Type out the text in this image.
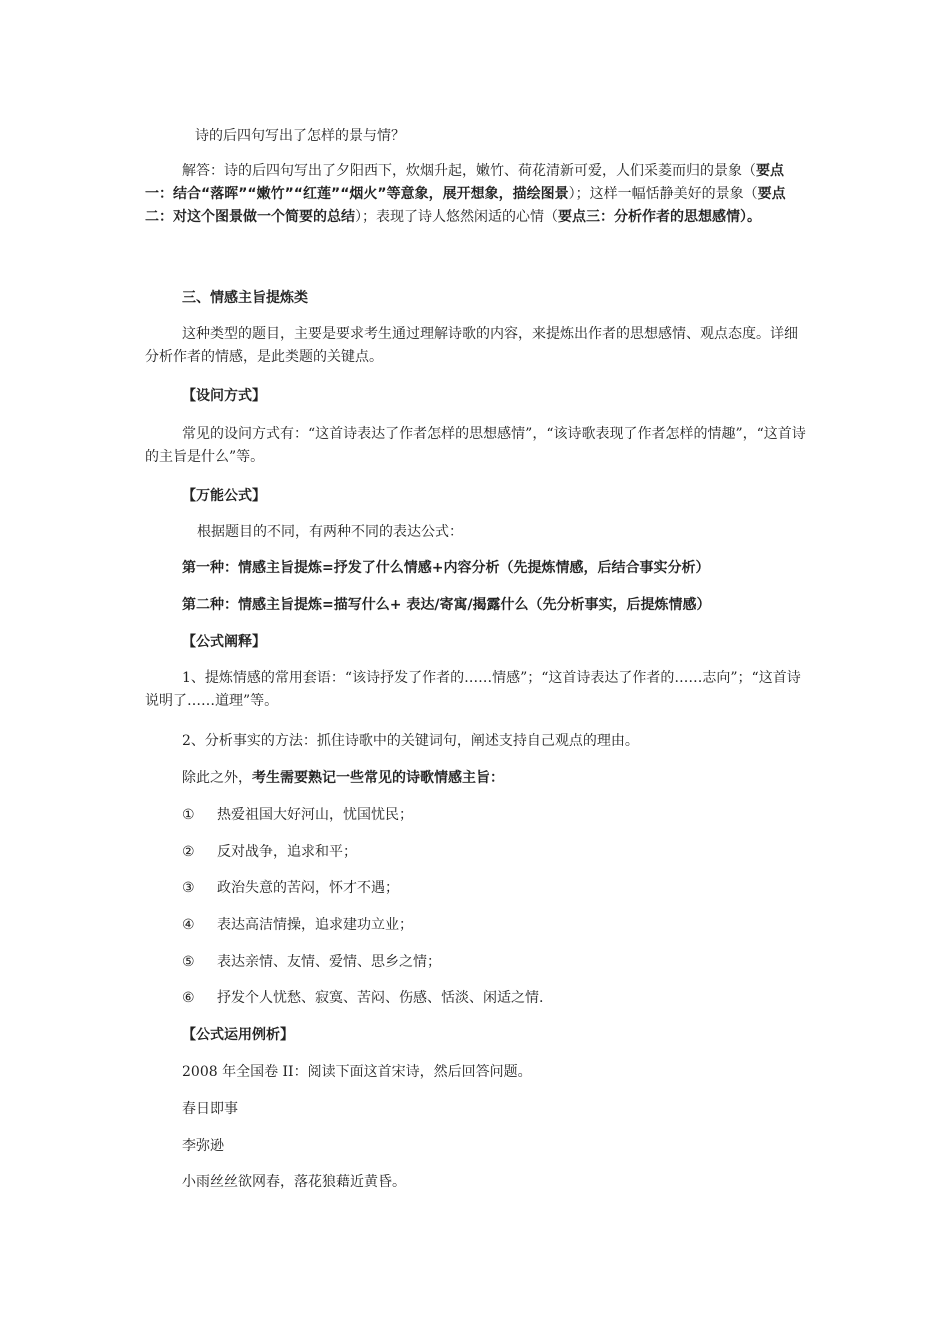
诗的后四句写出了怎样的景与情？

解答：诗的后四句写出了夕阳西下，炊烟升起，嫩竹、荷花清新可爱，人们采菱而归的景象（要点一：结合“落晖”“嫩竹”“红莲”“烟火”等意象，展开想象，描绘图景）；这样一幅恬静美好的景象（要点二：对这个图景做一个简要的总结）；表现了诗人悠然闲适的心情（要点三：分析作者的思想感情）。

三、情感主旨提炼类

这种类型的题目，主要是要求考生通过理解诗歌的内容，来提炼出作者的思想感情、观点态度。详细分析作者的情感，是此类题的关键点。

【设问方式】

常见的设问方式有：“这首诗表达了作者怎样的思想感情”，“该诗歌表现了作者怎样的情趣”，“这首诗的主旨是什么”等。

【万能公式】

根据题目的不同，有两种不同的表达公式：

第一种：情感主旨提炼=抒发了什么情感+内容分析（先提炼情感，后结合事实分析）

第二种：情感主旨提炼=描写什么+ 表达/寄寓/揭露什么（先分析事实，后提炼情感）

【公式阐释】

1、提炼情感的常用套语：“该诗抒发了作者的……情感”；“这首诗表达了作者的……志向”；“这首诗说明了……道理”等。

2、分析事实的方法：抓住诗歌中的关键词句，阐述支持自己观点的理由。

除此之外，考生需要熟记一些常见的诗歌情感主旨：

① 热爱祖国大好河山，忧国忧民；
② 反对战争，追求和平；
③ 政治失意的苦闷，怀才不遇；
④ 表达高洁情操，追求建功立业；
⑤ 表达亲情、友情、爱情、思乡之情；
⑥ 抒发个人忧愁、寂寞、苦闷、伤感、恬淡、闲适之情.

【公式运用例析】

2008 年全国卷 II：阅读下面这首宋诗，然后回答问题。

春日即事

李弥逊

小雨丝丝欲网春，落花狼藉近黄昏。
